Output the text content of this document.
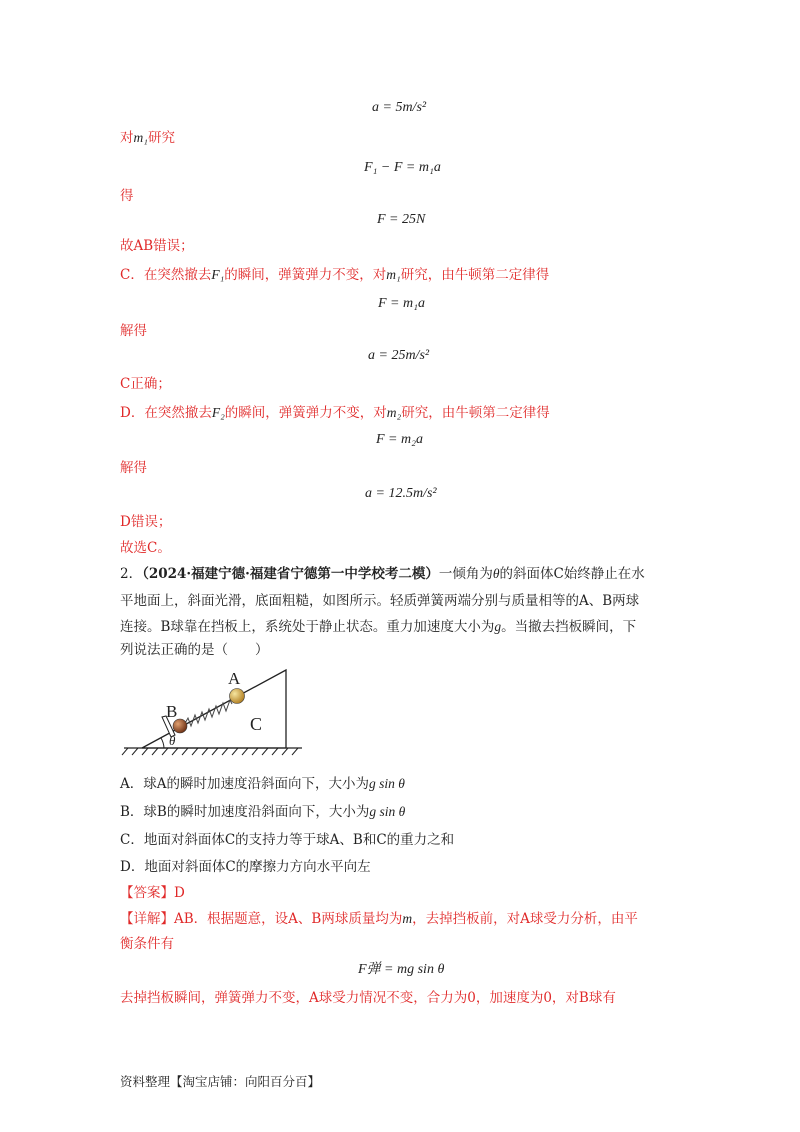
a = 5m/s²
对m₁研究
F₁ − F = m₁a
得
F = 25N
故AB错误；
C．在突然撤去F₁的瞬间，弹簧弹力不变，对m₁研究，由牛顿第二定律得
F = m₁a
解得
a = 25m/s²
C正确；
D．在突然撤去F₂的瞬间，弹簧弹力不变，对m₂研究，由牛顿第二定律得
F = m₂a
解得
a = 12.5m/s²
D错误；
故选C。
2．（2024·福建宁德·福建省宁德第一中学校考二模）一倾角为θ的斜面体C始终静止在水
平地面上，斜面光滑，底面粗糙，如图所示。轻质弹簧两端分别与质量相等的A、B两球
连接。B球靠在挡板上，系统处于静止状态。重力加速度大小为g。当撤去挡板瞬间，下
列说法正确的是（　　）
A
B
C
θ
A．球A的瞬时加速度沿斜面向下，大小为g sin θ
B．球B的瞬时加速度沿斜面向下，大小为g sin θ
C．地面对斜面体C的支持力等于球A、B和C的重力之和
D．地面对斜面体C的摩擦力方向水平向左
【答案】D
【详解】AB．根据题意，设A、B两球质量均为m，去掉挡板前，对A球受力分析，由平
衡条件有
F弹 = mg sin θ
去掉挡板瞬间，弹簧弹力不变，A球受力情况不变，合力为0，加速度为0，对B球有
资料整理【淘宝店铺：向阳百分百】
